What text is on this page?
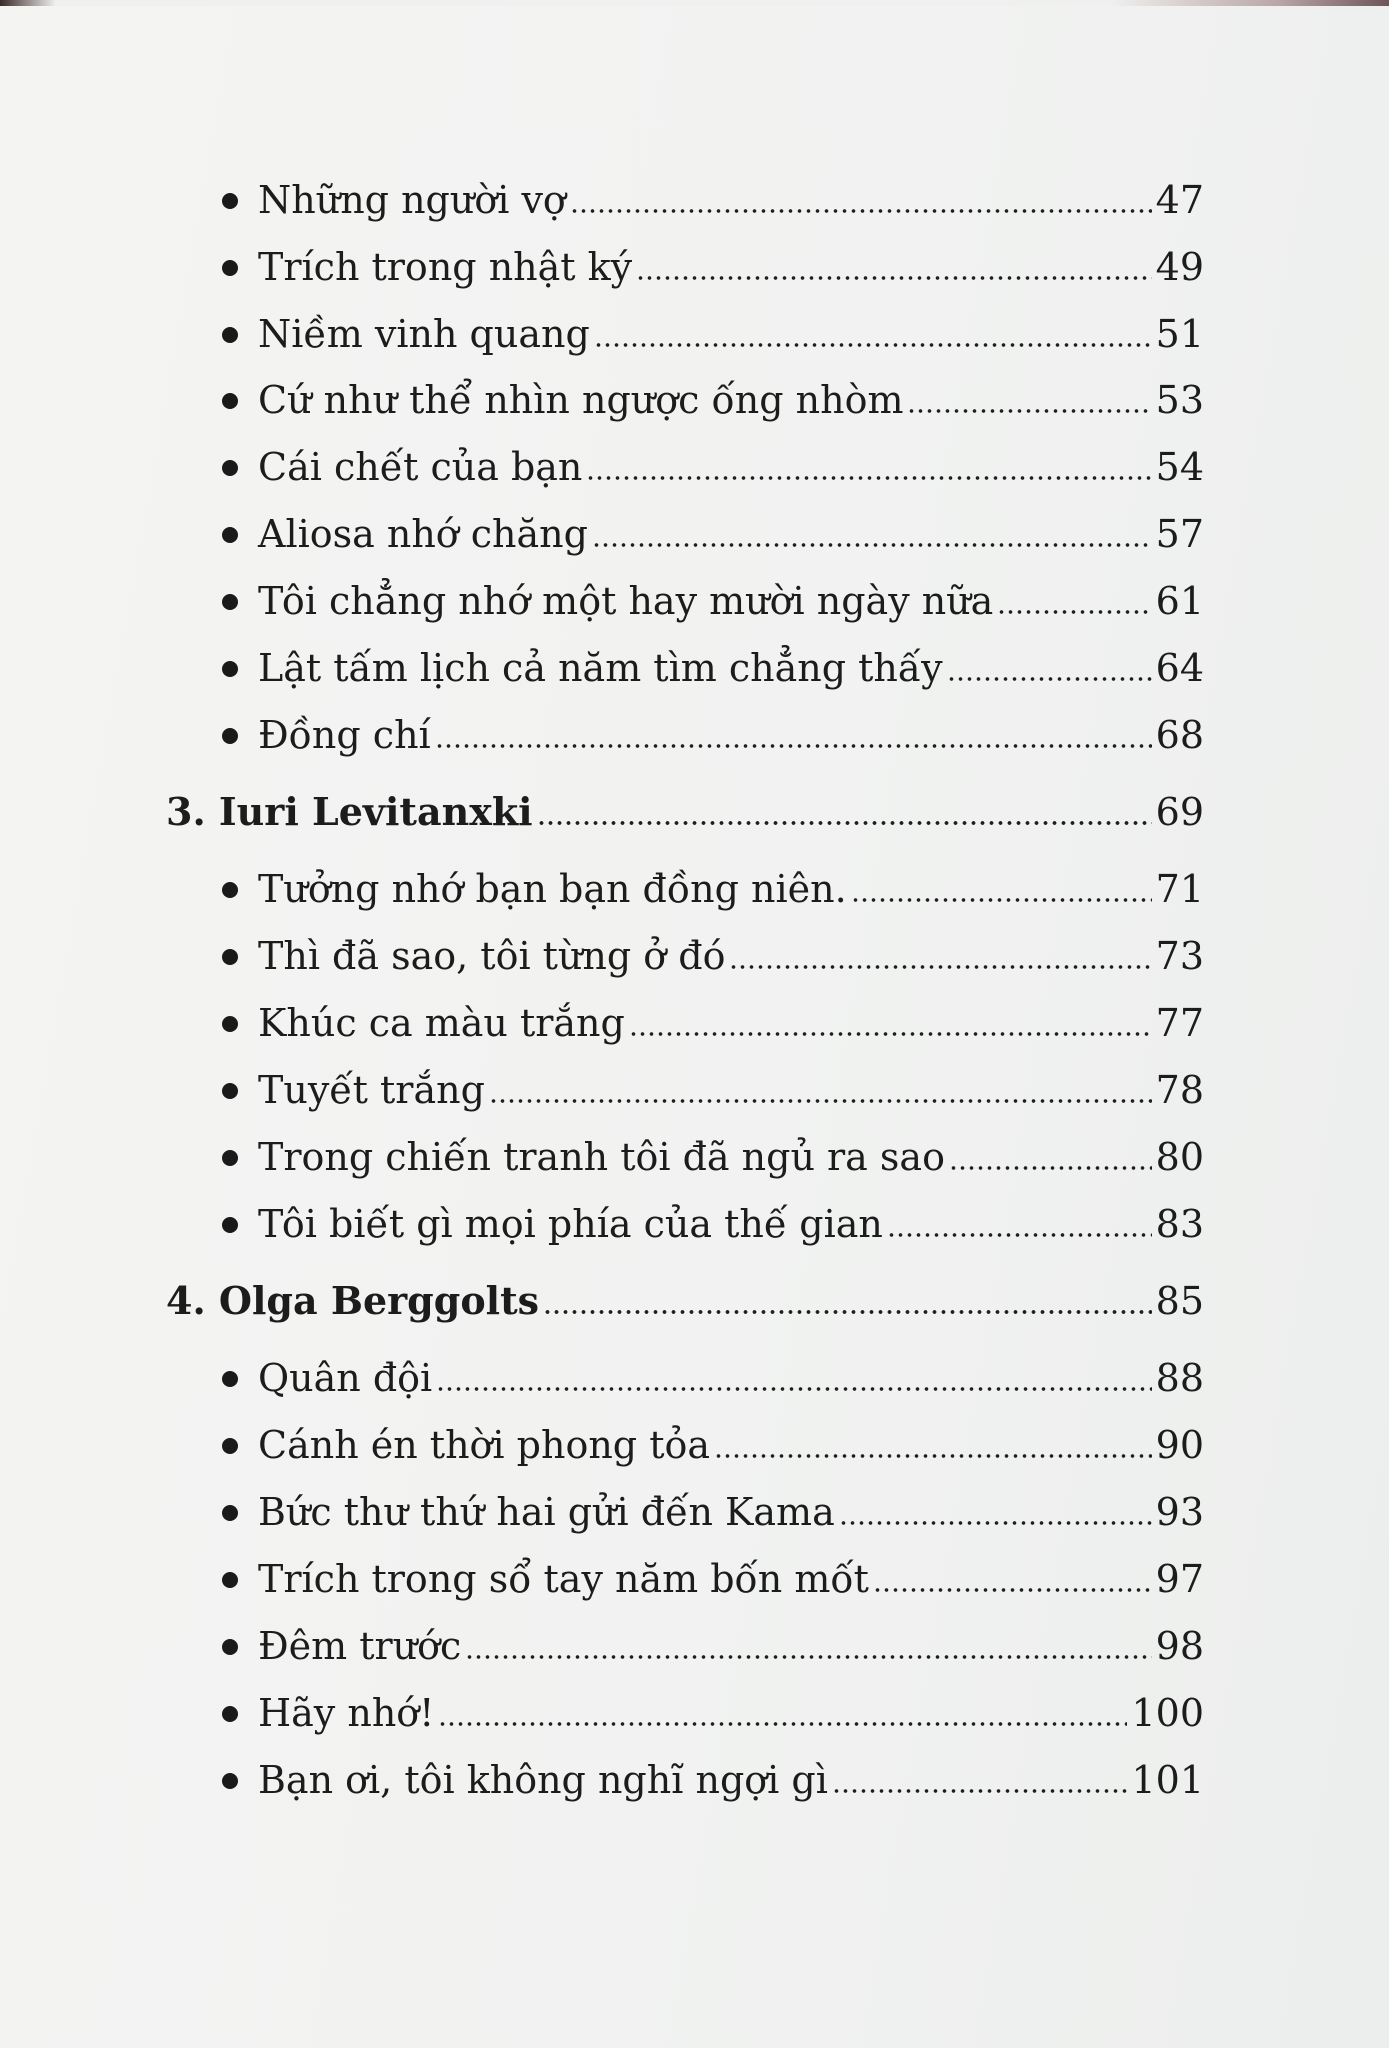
Những người vợ	47
Trích trong nhật ký	49
Niềm vinh quang	51
Cứ như thể nhìn ngược ống nhòm	53
Cái chết của bạn	54
Aliosa nhớ chăng	57
Tôi chẳng nhớ một hay mười ngày nữa	61
Lật tấm lịch cả năm tìm chẳng thấy	64
Đồng chí	68
3. Iuri Levitanxki	69
Tưởng nhớ bạn bạn đồng niên.	71
Thì đã sao, tôi từng ở đó	73
Khúc ca màu trắng	77
Tuyết trắng	78
Trong chiến tranh tôi đã ngủ ra sao	80
Tôi biết gì mọi phía của thế gian	83
4. Olga Berggolts	85
Quân đội	88
Cánh én thời phong tỏa	90
Bức thư thứ hai gửi đến Kama	93
Trích trong sổ tay năm bốn mốt	97
Đêm trước	98
Hãy nhớ!	100
Bạn ơi, tôi không nghĩ ngợi gì	101
